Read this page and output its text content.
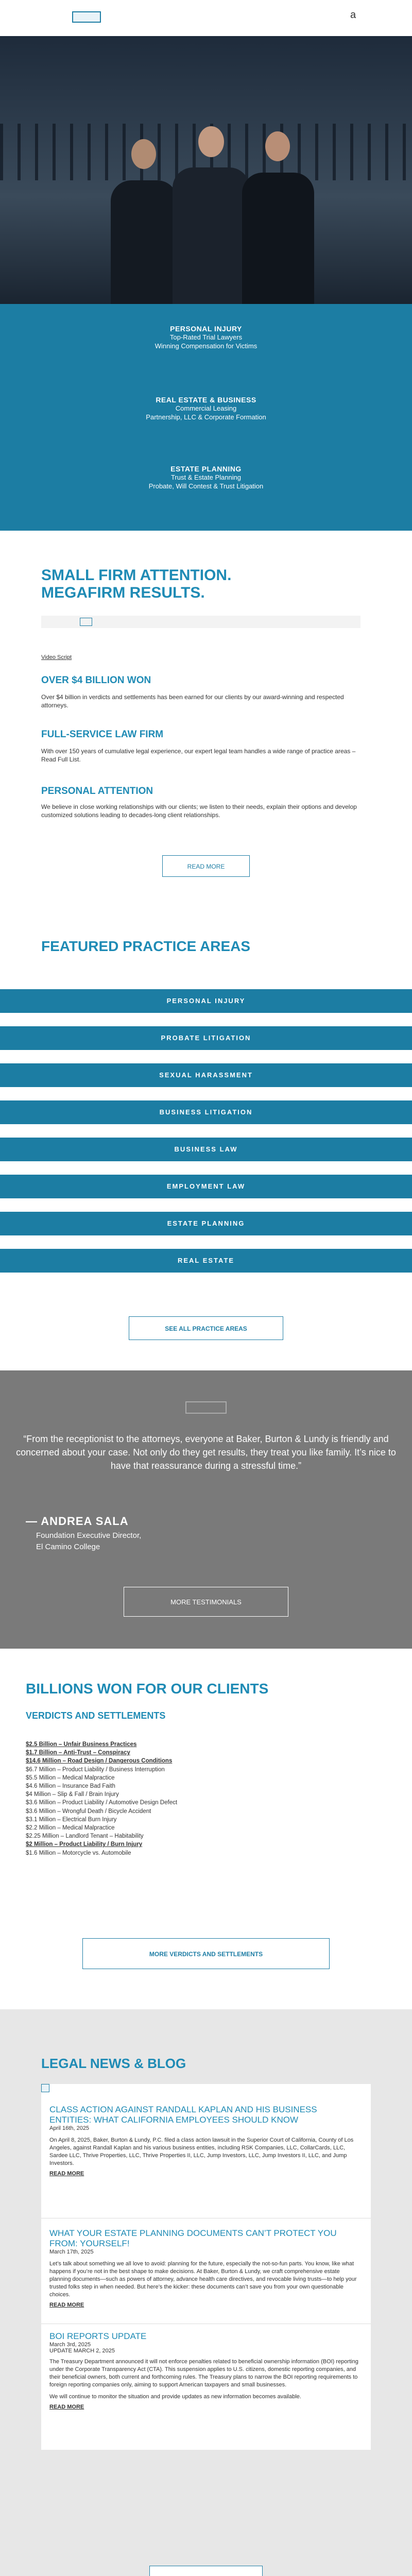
a
PERSONAL INJURY

Top-Rated Trial Lawyers

Winning Compensation for Victims

REAL ESTATE & BUSINESS

Commercial Leasing

Partnership, LLC & Corporate Formation

ESTATE PLANNING

Trust & Estate Planning

Probate, Will Contest & Trust Litigation

SMALL FIRM ATTENTION.
MEGAFIRM RESULTS.
Video Script
OVER $4 BILLION WON
Over $4 billion in verdicts and settlements has been earned for our clients by our award-winning and respected attorneys.
FULL-SERVICE LAW FIRM
With over 150 years of cumulative legal experience, our expert legal team handles a wide range of practice areas – Read Full List.
PERSONAL ATTENTION
We believe in close working relationships with our clients; we listen to their needs, explain their options and develop customized solutions leading to decades-long client relationships.
READ MORE
FEATURED PRACTICE AREAS
PERSONAL INJURY
PROBATE LITIGATION
SEXUAL HARASSMENT
BUSINESS LITIGATION
BUSINESS LAW
EMPLOYMENT LAW
ESTATE PLANNING
REAL ESTATE
SEE ALL PRACTICE AREAS
“From the receptionist to the attorneys, everyone at Baker, Burton & Lundy is friendly and concerned about your case. Not only do they get results, they treat you like family. It’s nice to have that reassurance during a stressful time.”
— ANDREA SALA
Foundation Executive Director,
El Camino College
MORE TESTIMONIALS
BILLIONS WON FOR OUR CLIENTS
VERDICTS AND SETTLEMENTS
$2.5 Billion – Unfair Business Practices
$1.7 Billion – Anti-Trust – Conspiracy
$14.6 Million – Road Design / Dangerous Conditions
$6.7 Million – Product Liability / Business Interruption
$5.5 Million – Medical Malpractice
$4.6 Million – Insurance Bad Faith
$4 Million – Slip & Fall / Brain Injury
$3.6 Million – Product Liability / Automotive Design Defect
$3.6 Million – Wrongful Death / Bicycle Accident
$3.1 Million – Electrical Burn Injury
$2.2 Million – Medical Malpractice
$2.25 Million – Landlord Tenant – Habitability
$2 Million – Product Liability / Burn Injury
$1.6 Million – Motorcycle vs. Automobile
MORE VERDICTS AND SETTLEMENTS
LEGAL NEWS & BLOG
CLASS ACTION AGAINST RANDALL KAPLAN AND HIS BUSINESS ENTITIES: WHAT CALIFORNIA EMPLOYEES SHOULD KNOW
April 16th, 2025
On April 8, 2025, Baker, Burton & Lundy, P.C. filed a class action lawsuit in the Superior Court of California, County of Los Angeles, against Randall Kaplan and his various business entities, including RSK Companies, LLC, CollarCards, LLC, Sardee LLC, Thrive Properties, LLC, Thrive Properties II, LLC, Jump Investors, LLC, Jump Investors II, LLC, and Jump Investors.
READ MORE
WHAT YOUR ESTATE PLANNING DOCUMENTS CAN’T PROTECT YOU FROM: YOURSELF!
March 17th, 2025
Let’s talk about something we all love to avoid: planning for the future, especially the not-so-fun parts. You know, like what happens if you’re not in the best shape to make decisions. At Baker, Burton & Lundy, we craft comprehensive estate planning documents—such as powers of attorney, advance health care directives, and revocable living trusts—to help your trusted folks step in when needed. But here’s the kicker: these documents can’t save you from your own questionable choices.
READ MORE
BOI REPORTS UPDATE
March 3rd, 2025
UPDATE MARCH 2, 2025
The Treasury Department announced it will not enforce penalties related to beneficial ownership information (BOI) reporting under the Corporate Transparency Act (CTA). This suspension applies to U.S. citizens, domestic reporting companies, and their beneficial owners, both current and forthcoming rules. The Treasury plans to narrow the BOI reporting requirements to foreign reporting companies only, aiming to support American taxpayers and small businesses.
We will continue to monitor the situation and provide updates as new information becomes available.
READ MORE
